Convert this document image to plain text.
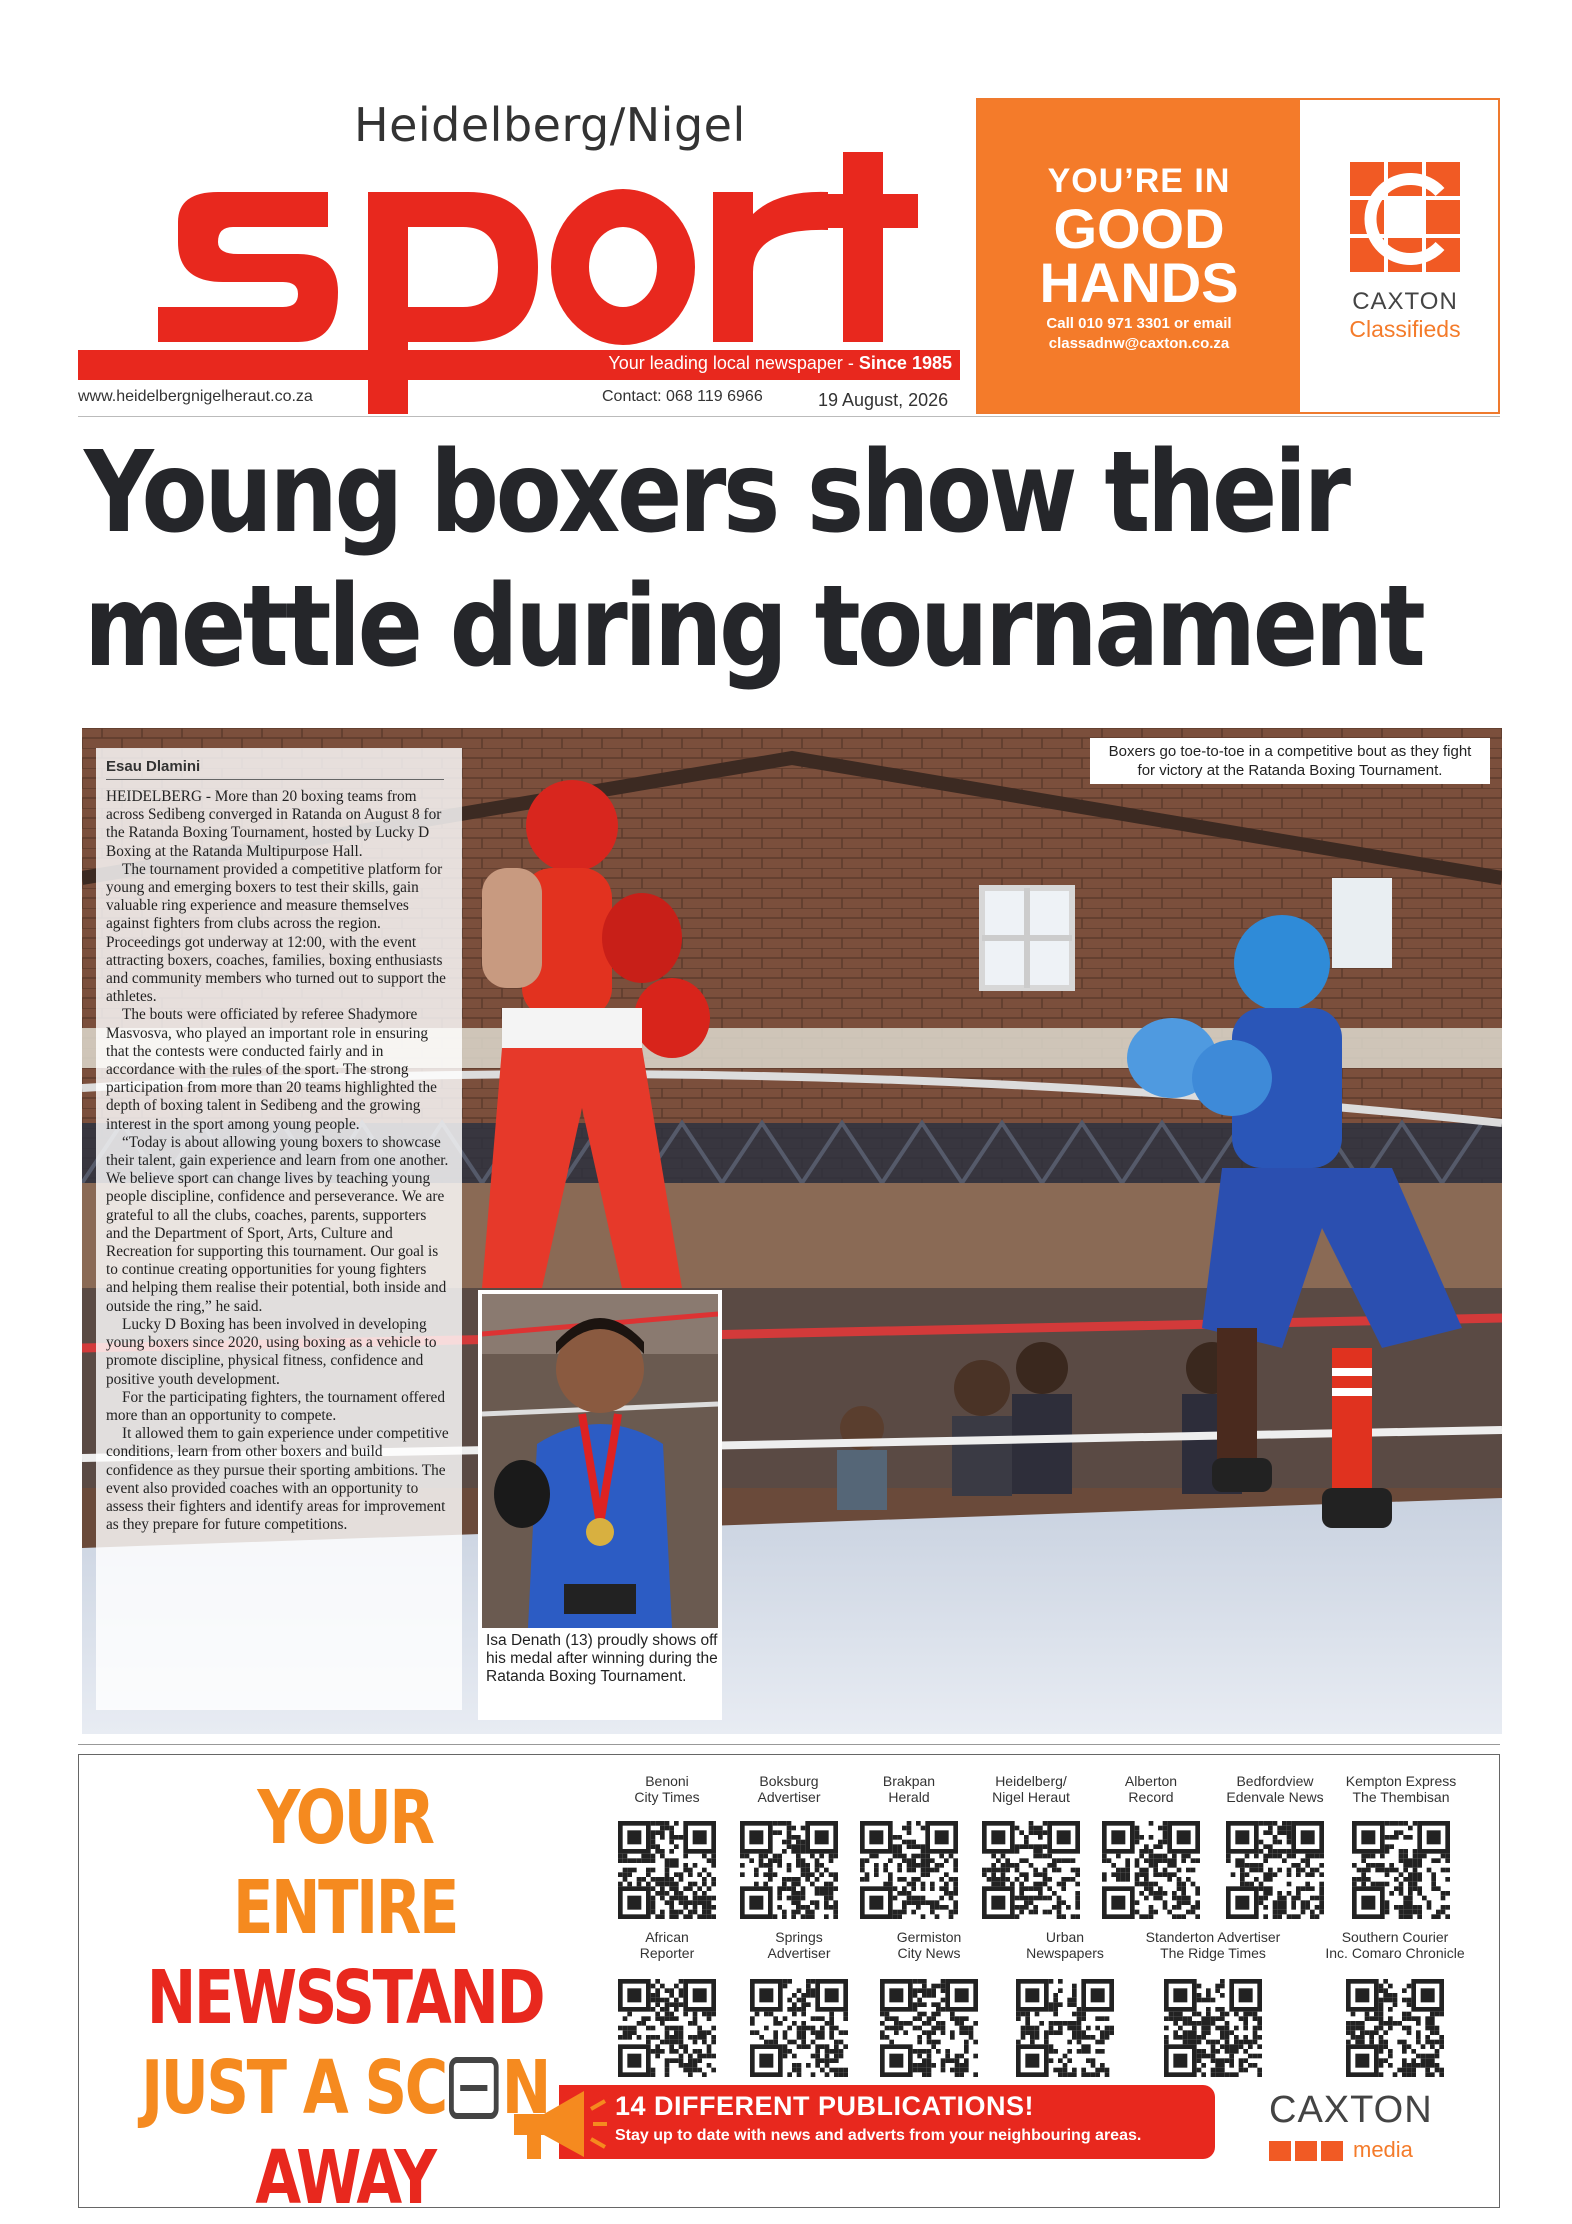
Heidelberg/Nigel
Your leading local newspaper - Since 1985
www.heidelbergnigelheraut.co.za	Contact: 068 119 6966	19 August, 2026
YOU’RE IN
GOOD
HANDS
Call 010 971 3301 or email
classadnw@caxton.co.za
CAXTON
Classifieds
Young boxers show their
mettle during tournament
Boxers go toe-to-toe in a competitive bout as they fight for victory at the Ratanda Boxing Tournament.
Esau Dlamini

HEIDELBERG - More than 20 boxing teams from across Sedibeng converged in Ratanda on August 8 for the Ratanda Boxing Tournament, hosted by Lucky D Boxing at the Ratanda Multipurpose Hall.

The tournament provided a competitive platform for young and emerging boxers to test their skills, gain valuable ring experience and measure themselves against fighters from clubs across the region. Proceedings got underway at 12:00, with the event attracting boxers, coaches, families, boxing enthusiasts and community members who turned out to support the athletes.

The bouts were officiated by referee Shadymore Masvosva, who played an important role in ensuring that the contests were conducted fairly and in accordance with the rules of the sport. The strong participation from more than 20 teams highlighted the depth of boxing talent in Sedibeng and the growing interest in the sport among young people.

“Today is about allowing young boxers to showcase their talent, gain experience and learn from one another. We believe sport can change lives by teaching young people discipline, confidence and perseverance. We are grateful to all the clubs, coaches, parents, supporters and the Department of Sport, Arts, Culture and Recreation for supporting this tournament. Our goal is to continue creating opportunities for young fighters and helping them realise their potential, both inside and outside the ring,” he said.

Lucky D Boxing has been involved in developing young boxers since 2020, using boxing as a vehicle to promote discipline, physical fitness, confidence and positive youth development.

For the participating fighters, the tournament offered more than an opportunity to compete.

It allowed them to gain experience under competitive conditions, learn from other boxers and build confidence as they pursue their sporting ambitions. The event also provided coaches with an opportunity to assess their fighters and identify areas for improvement as they prepare for future competitions.

Isa Denath (13) proudly shows off his medal after winning during the Ratanda Boxing Tournament.
YOUR ENTIRE
NEWSSTAND
JUST A SC N
AWAY
14 DIFFERENT PUBLICATIONS!
Stay up to date with news and adverts from your neighbouring areas.
CAXTON
media
Benoni
City Times
Boksburg
Advertiser
Brakpan
Herald
Heidelberg/
Nigel Heraut
Alberton
Record
Bedfordview
Edenvale News
Kempton Express
The Thembisan
African
Reporter
Springs
Advertiser
Germiston
City News
Urban
Newspapers
Standerton Advertiser
The Ridge Times
Southern Courier
Inc. Comaro Chronicle
